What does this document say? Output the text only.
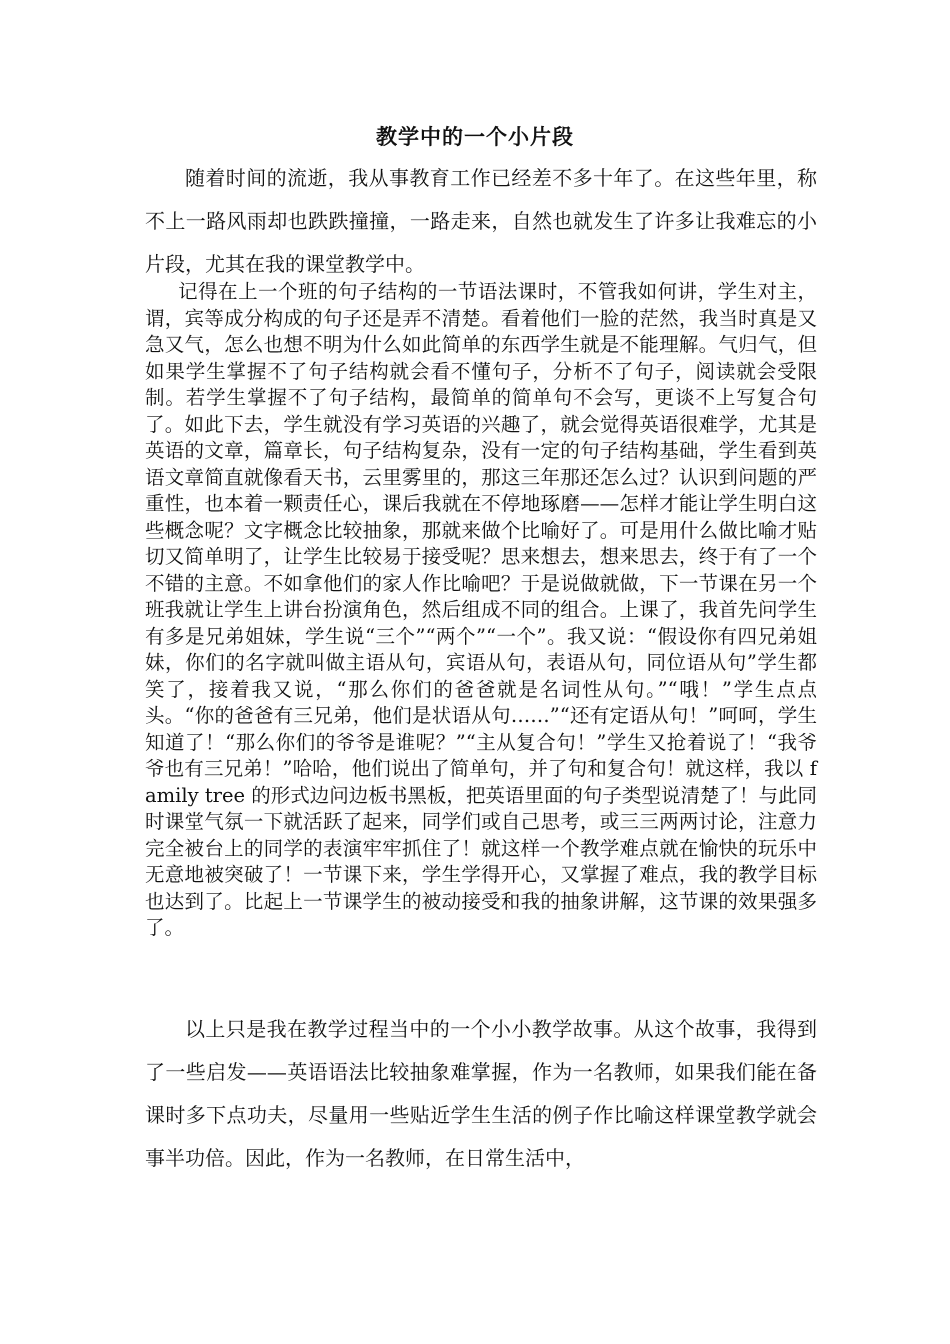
教学中的一个小片段

随着时间的流逝，我从事教育工作已经差不多十年了。在这些年里，称不上一路风雨却也跌跌撞撞，一路走来，自然也就发生了许多让我难忘的小片段，尤其在我的课堂教学中。

记得在上一个班的句子结构的一节语法课时，不管我如何讲，学生对主，谓，宾等成分构成的句子还是弄不清楚。看着他们一脸的茫然，我当时真是又急又气，怎么也想不明为什么如此简单的东西学生就是不能理解。气归气，但如果学生掌握不了句子结构就会看不懂句子，分析不了句子，阅读就会受限制。若学生掌握不了句子结构，最简单的简单句不会写，更谈不上写复合句了。如此下去，学生就没有学习英语的兴趣了，就会觉得英语很难学，尤其是英语的文章，篇章长，句子结构复杂，没有一定的句子结构基础，学生看到英语文章简直就像看天书，云里雾里的，那这三年那还怎么过？认识到问题的严重性，也本着一颗责任心，课后我就在不停地琢磨——怎样才能让学生明白这些概念呢？文字概念比较抽象，那就来做个比喻好了。可是用什么做比喻才贴切又简单明了，让学生比较易于接受呢？思来想去，想来思去，终于有了一个不错的主意。不如拿他们的家人作比喻吧？于是说做就做，下一节课在另一个班我就让学生上讲台扮演角色，然后组成不同的组合。上课了，我首先问学生有多是兄弟姐妹，学生说“三个”“两个”“一个”。我又说：“假设你有四兄弟姐妹，你们的名字就叫做主语从句，宾语从句，表语从句，同位语从句”学生都笑了，接着我又说，“那么你们的爸爸就是名词性从句。”“哦！”学生点点头。“你的爸爸有三兄弟，他们是状语从句……”“还有定语从句！”呵呵，学生知道了！“那么你们的爷爷是谁呢？”“主从复合句！”学生又抢着说了！“我爷爷也有三兄弟！”哈哈，他们说出了简单句，并了句和复合句！就这样，我以 family tree 的形式边问边板书黑板，把英语里面的句子类型说清楚了！与此同时课堂气氛一下就活跃了起来，同学们或自己思考，或三三两两讨论，注意力完全被台上的同学的表演牢牢抓住了！就这样一个教学难点就在愉快的玩乐中无意地被突破了！一节课下来，学生学得开心，又掌握了难点，我的教学目标也达到了。比起上一节课学生的被动接受和我的抽象讲解，这节课的效果强多了。

以上只是我在教学过程当中的一个小小教学故事。从这个故事，我得到了一些启发——英语语法比较抽象难掌握，作为一名教师，如果我们能在备课时多下点功夫，尽量用一些贴近学生生活的例子作比喻这样课堂教学就会事半功倍。因此，作为一名教师，在日常生活中，
